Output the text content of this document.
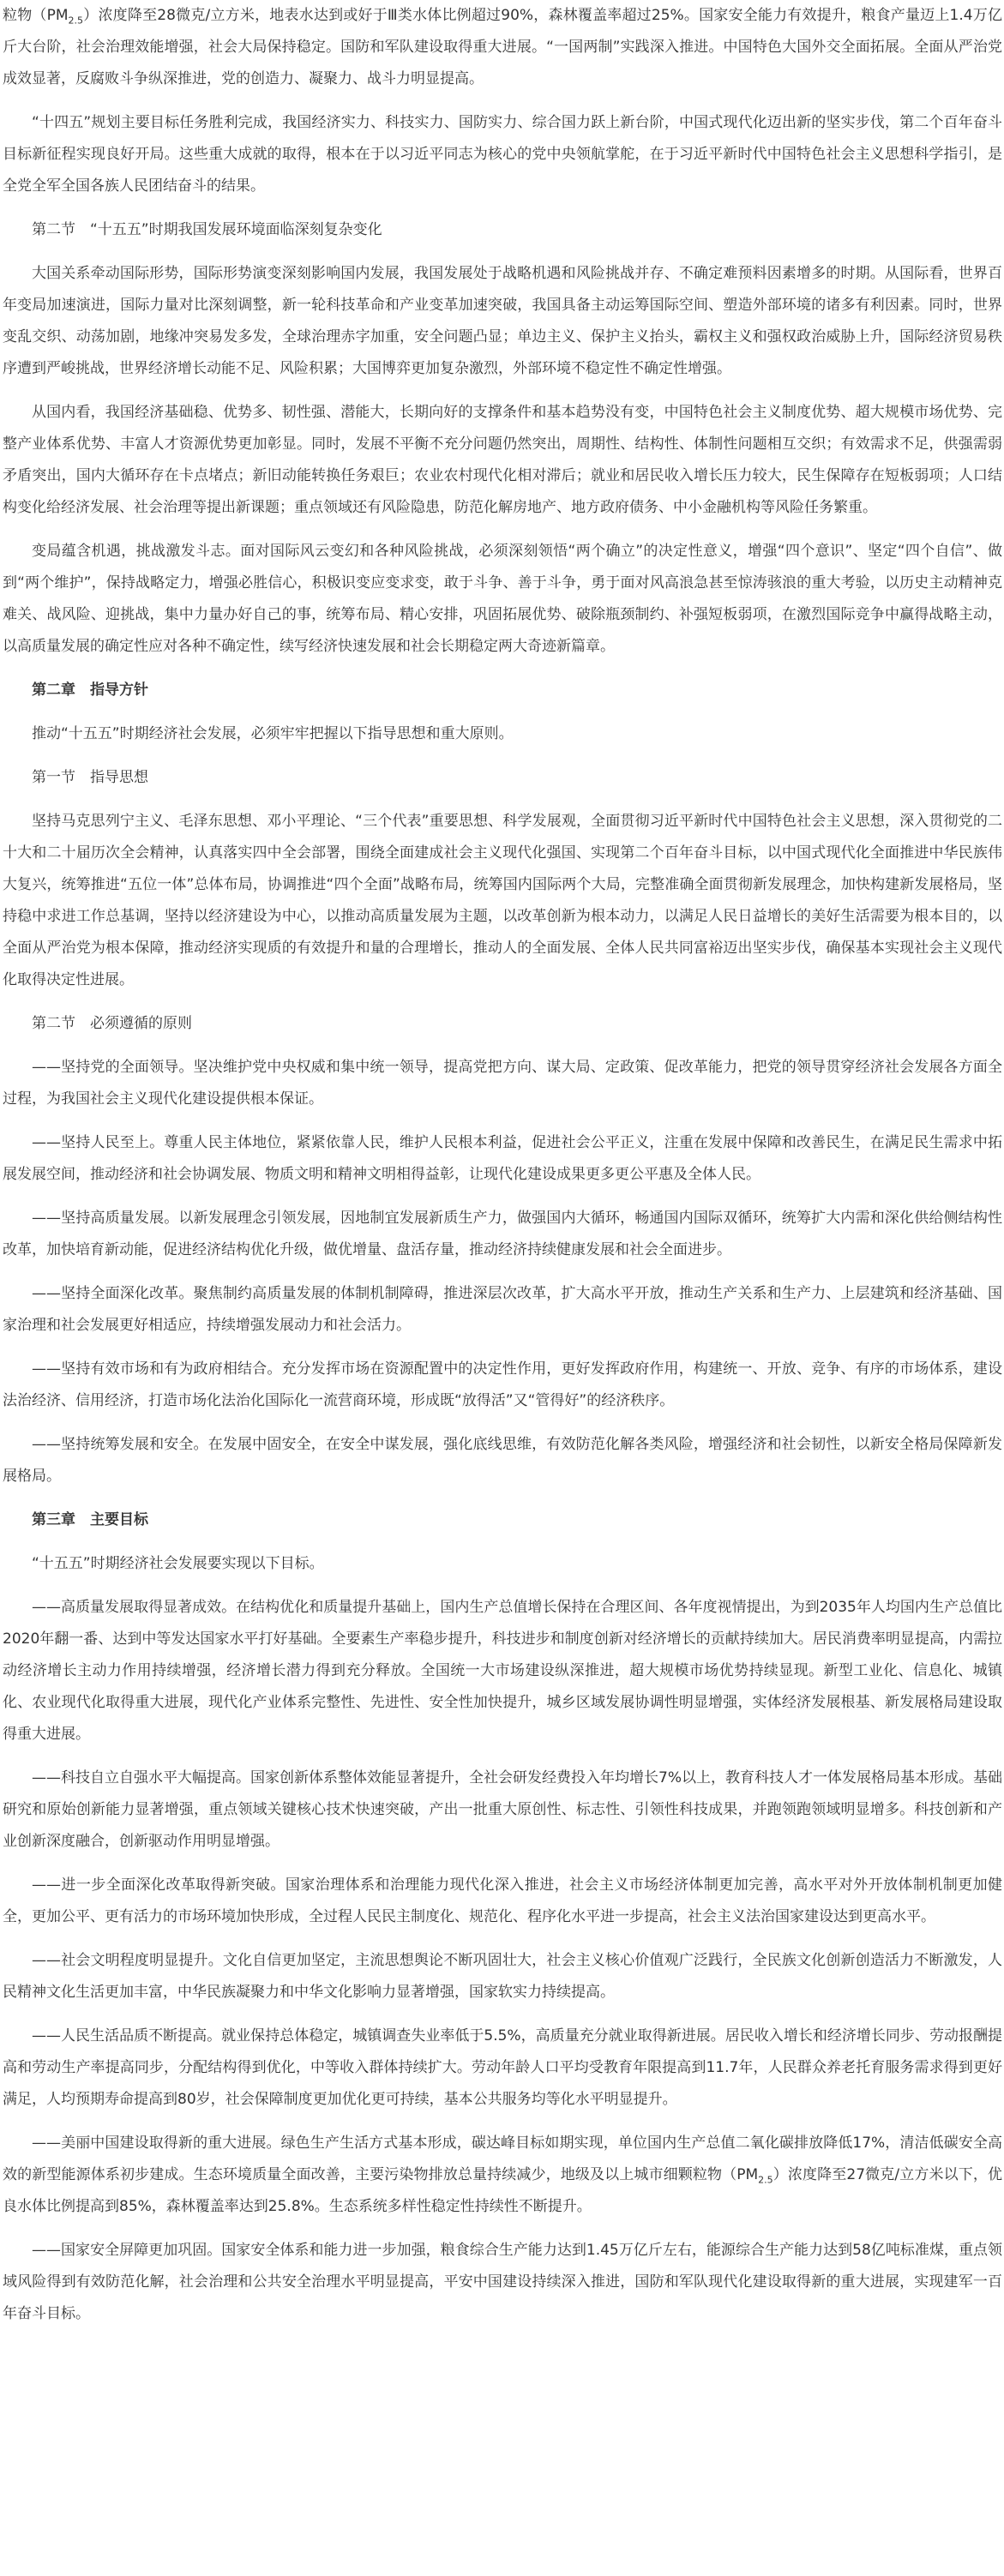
粒物$(PM_{2.5})$浓度降至28微克/立方米，地表水达到或好于Ⅲ类水体比例超过90%，森林覆盖率超过25%。国家安全能力有效提升，粮食产量迈上1.4万亿斤大台阶，社会治理效能增强，社会大局保持稳定。国防和军队建设取得重大进展。“一国两制”实践深入推进。中国特色大国外交全面拓展。全面从严治党成效显著，反腐败斗争纵深推进，党的创造力、凝聚力、战斗力明显提高。
“十四五”规划主要目标任务胜利完成，我国经济实力、科技实力、国防实力、综合国力跃上新台阶，中国式现代化迈出新的坚实步伐，第二个百年奋斗目标新征程实现良好开局。这些重大成就的取得，根本在于以习近平同志为核心的党中央领航掌舵，在于习近平新时代中国特色社会主义思想科学指引，是全党全军全国各族人民团结奋斗的结果。
第二节　“十五五”时期我国发展环境面临深刻复杂变化
大国关系牵动国际形势，国际形势演变深刻影响国内发展，我国发展处于战略机遇和风险挑战并存、不确定难预料因素增多的时期。从国际看，世界百年变局加速演进，国际力量对比深刻调整，新一轮科技革命和产业变革加速突破，我国具备主动运筹国际空间、塑造外部环境的诸多有利因素。同时，世界变乱交织、动荡加剧，地缘冲突易发多发，全球治理赤字加重，安全问题凸显；单边主义、保护主义抬头，霸权主义和强权政治威胁上升，国际经济贸易秩序遭到严峻挑战，世界经济增长动能不足、风险积累；大国博弈更加复杂激烈，外部环境不稳定性不确定性增强。
从国内看，我国经济基础稳、优势多、韧性强、潜能大，长期向好的支撑条件和基本趋势没有变，中国特色社会主义制度优势、超大规模市场优势、完整产业体系优势、丰富人才资源优势更加彰显。同时，发展不平衡不充分问题仍然突出，周期性、结构性、体制性问题相互交织；有效需求不足，供强需弱矛盾突出，国内大循环存在卡点堵点；新旧动能转换任务艰巨；农业农村现代化相对滞后；就业和居民收入增长压力较大，民生保障存在短板弱项；人口结构变化给经济发展、社会治理等提出新课题；重点领域还有风险隐患，防范化解房地产、地方政府债务、中小金融机构等风险任务繁重。
变局蕴含机遇，挑战激发斗志。面对国际风云变幻和各种风险挑战，必须深刻领悟“两个确立”的决定性意义，增强“四个意识”、坚定“四个自信”、做到“两个维护”，保持战略定力，增强必胜信心，积极识变应变求变，敢于斗争、善于斗争，勇于面对风高浪急甚至惊涛骇浪的重大考验，以历史主动精神克难关、战风险、迎挑战，集中力量办好自己的事，统筹布局、精心安排，巩固拓展优势、破除瓶颈制约、补强短板弱项，在激烈国际竞争中赢得战略主动，以高质量发展的确定性应对各种不确定性，续写经济快速发展和社会长期稳定两大奇迹新篇章。
第二章　指导方针
推动“十五五”时期经济社会发展，必须牢牢把握以下指导思想和重大原则。
第一节　指导思想
坚持马克思列宁主义、毛泽东思想、邓小平理论、“三个代表”重要思想、科学发展观，全面贯彻习近平新时代中国特色社会主义思想，深入贯彻党的二十大和二十届历次全会精神，认真落实四中全会部署，围绕全面建成社会主义现代化强国、实现第二个百年奋斗目标，以中国式现代化全面推进中华民族伟大复兴，统筹推进“五位一体”总体布局，协调推进“四个全面”战略布局，统筹国内国际两个大局，完整准确全面贯彻新发展理念，加快构建新发展格局，坚持稳中求进工作总基调，坚持以经济建设为中心，以推动高质量发展为主题，以改革创新为根本动力，以满足人民日益增长的美好生活需要为根本目的，以全面从严治党为根本保障，推动经济实现质的有效提升和量的合理增长，推动人的全面发展、全体人民共同富裕迈出坚实步伐，确保基本实现社会主义现代化取得决定性进展。
第二节　必须遵循的原则
——坚持党的全面领导。坚决维护党中央权威和集中统一领导，提高党把方向、谋大局、定政策、促改革能力，把党的领导贯穿经济社会发展各方面全过程，为我国社会主义现代化建设提供根本保证。
——坚持人民至上。尊重人民主体地位，紧紧依靠人民，维护人民根本利益，促进社会公平正义，注重在发展中保障和改善民生，在满足民生需求中拓展发展空间，推动经济和社会协调发展、物质文明和精神文明相得益彰，让现代化建设成果更多更公平惠及全体人民。
——坚持高质量发展。以新发展理念引领发展，因地制宜发展新质生产力，做强国内大循环，畅通国内国际双循环，统筹扩大内需和深化供给侧结构性改革，加快培育新动能，促进经济结构优化升级，做优增量、盘活存量，推动经济持续健康发展和社会全面进步。
——坚持全面深化改革。聚焦制约高质量发展的体制机制障碍，推进深层次改革，扩大高水平开放，推动生产关系和生产力、上层建筑和经济基础、国家治理和社会发展更好相适应，持续增强发展动力和社会活力。
——坚持有效市场和有为政府相结合。充分发挥市场在资源配置中的决定性作用，更好发挥政府作用，构建统一、开放、竞争、有序的市场体系，建设法治经济、信用经济，打造市场化法治化国际化一流营商环境，形成既“放得活”又“管得好”的经济秩序。
——坚持统筹发展和安全。在发展中固安全，在安全中谋发展，强化底线思维，有效防范化解各类风险，增强经济和社会韧性，以新安全格局保障新发展格局。
第三章　主要目标
“十五五”时期经济社会发展要实现以下目标。
——高质量发展取得显著成效。在结构优化和质量提升基础上，国内生产总值增长保持在合理区间、各年度视情提出，为到2035年人均国内生产总值比2020年翻一番、达到中等发达国家水平打好基础。全要素生产率稳步提升，科技进步和制度创新对经济增长的贡献持续加大。居民消费率明显提高，内需拉动经济增长主动力作用持续增强，经济增长潜力得到充分释放。全国统一大市场建设纵深推进，超大规模市场优势持续显现。新型工业化、信息化、城镇化、农业现代化取得重大进展，现代化产业体系完整性、先进性、安全性加快提升，城乡区域发展协调性明显增强，实体经济发展根基、新发展格局建设取得重大进展。
——科技自立自强水平大幅提高。国家创新体系整体效能显著提升，全社会研发经费投入年均增长7%以上，教育科技人才一体发展格局基本形成。基础研究和原始创新能力显著增强，重点领域关键核心技术快速突破，产出一批重大原创性、标志性、引领性科技成果，并跑领跑领域明显增多。科技创新和产业创新深度融合，创新驱动作用明显增强。
——进一步全面深化改革取得新突破。国家治理体系和治理能力现代化深入推进，社会主义市场经济体制更加完善，高水平对外开放体制机制更加健全，更加公平、更有活力的市场环境加快形成，全过程人民民主制度化、规范化、程序化水平进一步提高，社会主义法治国家建设达到更高水平。
——社会文明程度明显提升。文化自信更加坚定，主流思想舆论不断巩固壮大，社会主义核心价值观广泛践行，全民族文化创新创造活力不断激发，人民精神文化生活更加丰富，中华民族凝聚力和中华文化影响力显著增强，国家软实力持续提高。
——人民生活品质不断提高。就业保持总体稳定，城镇调查失业率低于5.5%，高质量充分就业取得新进展。居民收入增长和经济增长同步、劳动报酬提高和劳动生产率提高同步，分配结构得到优化，中等收入群体持续扩大。劳动年龄人口平均受教育年限提高到11.7年，人民群众养老托育服务需求得到更好满足，人均预期寿命提高到80岁，社会保障制度更加优化更可持续，基本公共服务均等化水平明显提升。
——美丽中国建设取得新的重大进展。绿色生产生活方式基本形成，碳达峰目标如期实现，单位国内生产总值二氧化碳排放降低17%，清洁低碳安全高效的新型能源体系初步建成。生态环境质量全面改善，主要污染物排放总量持续减少，地级及以上城市细颗粒物$(PM_{2.5})$浓度降至27微克/立方米以下，优良水体比例提高到85%，森林覆盖率达到25.8%。生态系统多样性稳定性持续性不断提升。
——国家安全屏障更加巩固。国家安全体系和能力进一步加强，粮食综合生产能力达到1.45万亿斤左右，能源综合生产能力达到58亿吨标准煤，重点领域风险得到有效防范化解，社会治理和公共安全治理水平明显提高，平安中国建设持续深入推进，国防和军队现代化建设取得新的重大进展，实现建军一百年奋斗目标。
